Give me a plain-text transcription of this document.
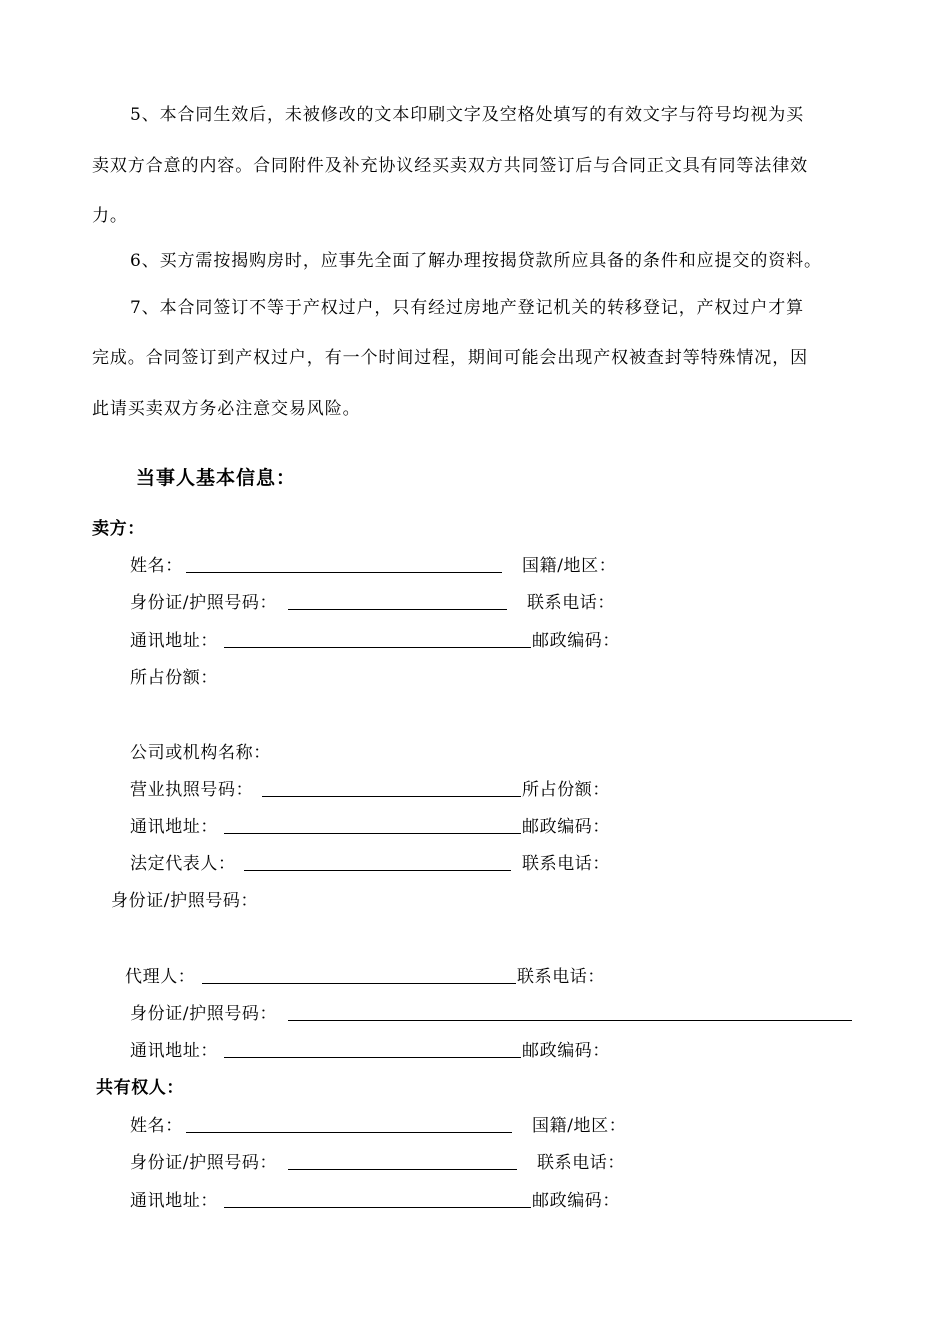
5、本合同生效后，未被修改的文本印刷文字及空格处填写的有效文字与符号均视为买
卖双方合意的内容。合同附件及补充协议经买卖双方共同签订后与合同正文具有同等法律效
力。
6、买方需按揭购房时，应事先全面了解办理按揭贷款所应具备的条件和应提交的资料。
7、本合同签订不等于产权过户，只有经过房地产登记机关的转移登记，产权过户才算
完成。合同签订到产权过户，有一个时间过程，期间可能会出现产权被查封等特殊情况，因
此请买卖双方务必注意交易风险。
当事人基本信息：
卖方：
姓名：	国籍/地区：
身份证/护照号码：	联系电话：
通讯地址：	邮政编码：
所占份额：
公司或机构名称：
营业执照号码：	所占份额：
通讯地址：	邮政编码：
法定代表人：	联系电话：
身份证/护照号码：
代理人：	联系电话：
身份证/护照号码：
通讯地址：	邮政编码：
共有权人：
姓名：	国籍/地区：
身份证/护照号码：	联系电话：
通讯地址：	邮政编码：
